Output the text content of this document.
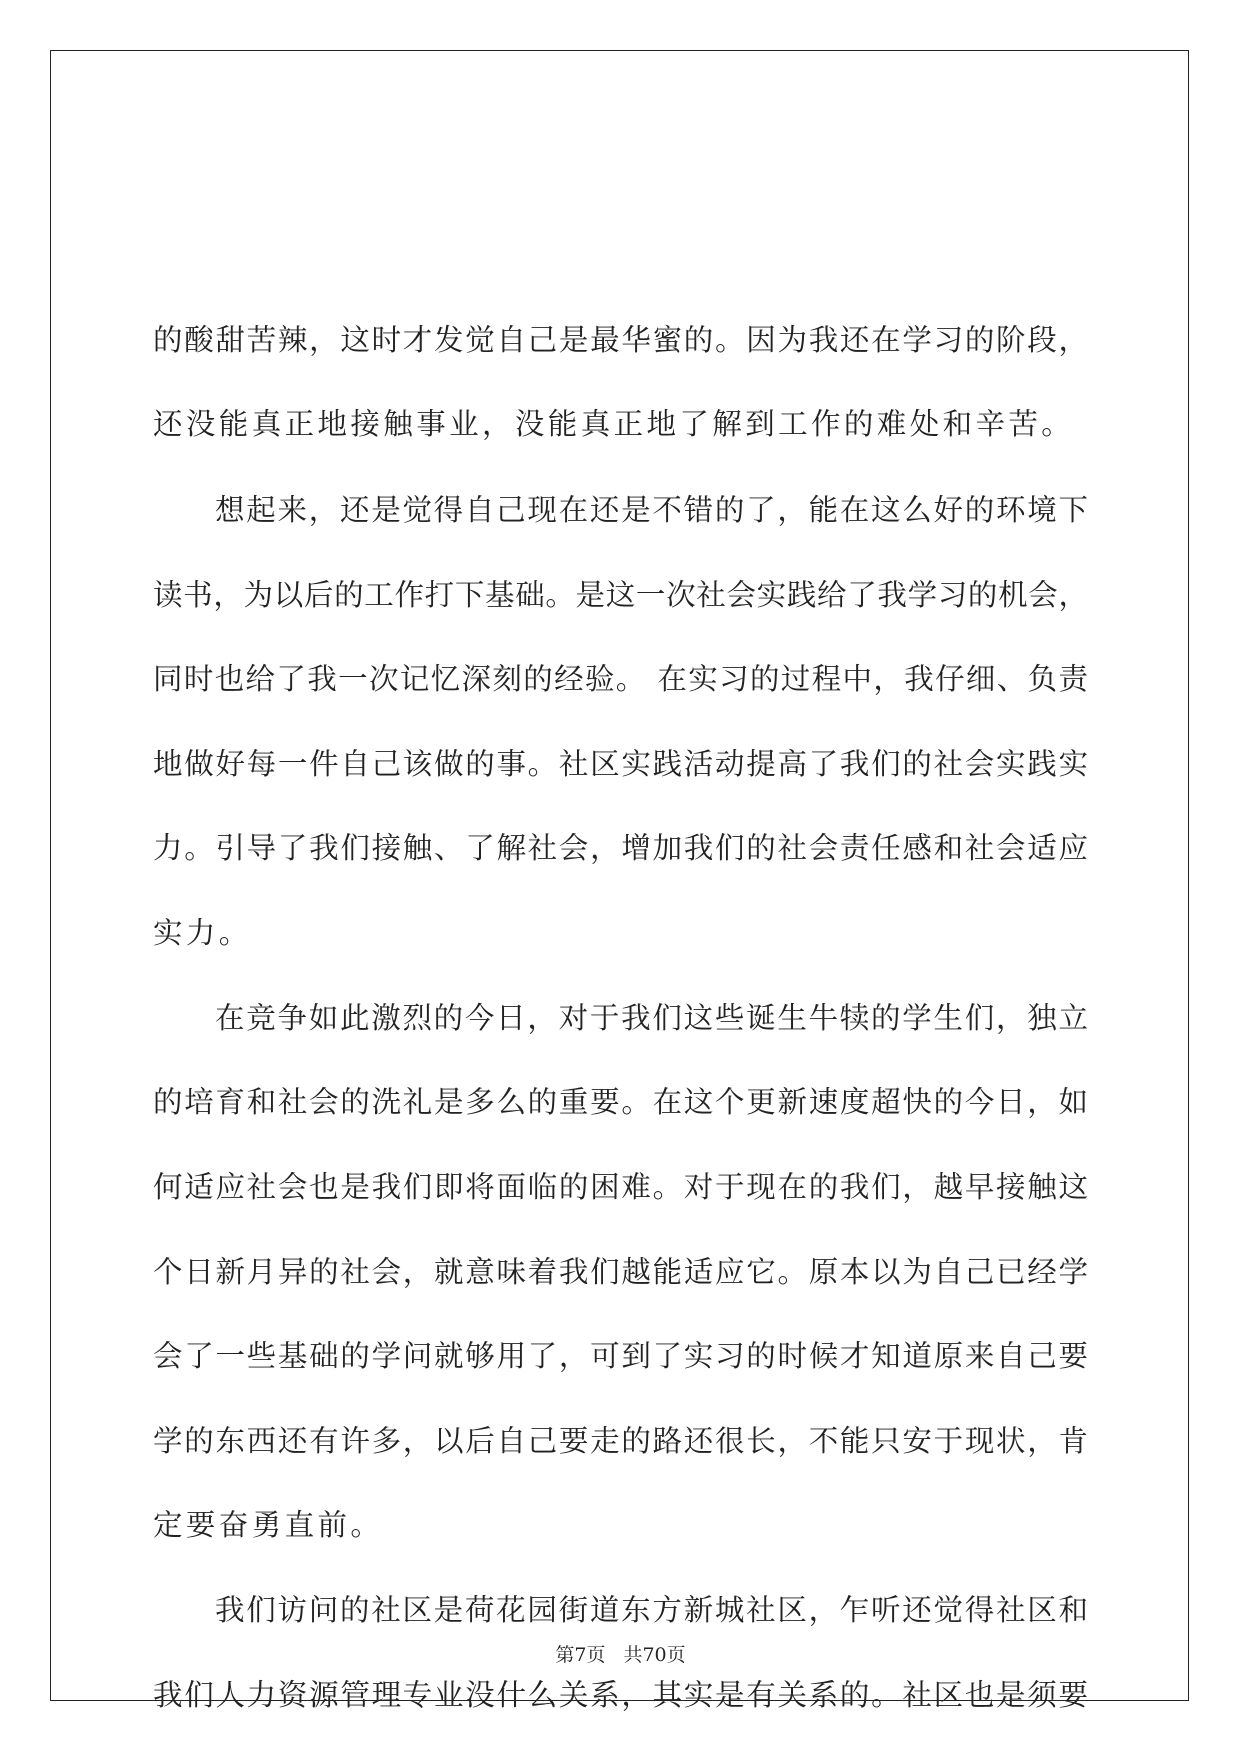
的酸甜苦辣，这时才发觉自己是最华蜜的。因为我还在学习的阶段，
还没能真正地接触事业，没能真正地了解到工作的难处和辛苦。
想起来，还是觉得自己现在还是不错的了，能在这么好的环境下
读书，为以后的工作打下基础。是这一次社会实践给了我学习的机会，
同时也给了我一次记忆深刻的经验。 在实习的过程中，我仔细、负责
地做好每一件自己该做的事。社区实践活动提高了我们的社会实践实
力。引导了我们接触、了解社会，增加我们的社会责任感和社会适应
实力。
在竞争如此激烈的今日，对于我们这些诞生牛犊的学生们，独立
的培育和社会的洗礼是多么的重要。在这个更新速度超快的今日，如
何适应社会也是我们即将面临的困难。对于现在的我们，越早接触这
个日新月异的社会，就意味着我们越能适应它。原本以为自己已经学
会了一些基础的学问就够用了，可到了实习的时候才知道原来自己要
学的东西还有许多，以后自己要走的路还很长，不能只安于现状，肯
定要奋勇直前。
我们访问的社区是荷花园街道东方新城社区，乍听还觉得社区和
我们人力资源管理专业没什么关系，其实是有关系的。社区也是须要
第7页 共70页
